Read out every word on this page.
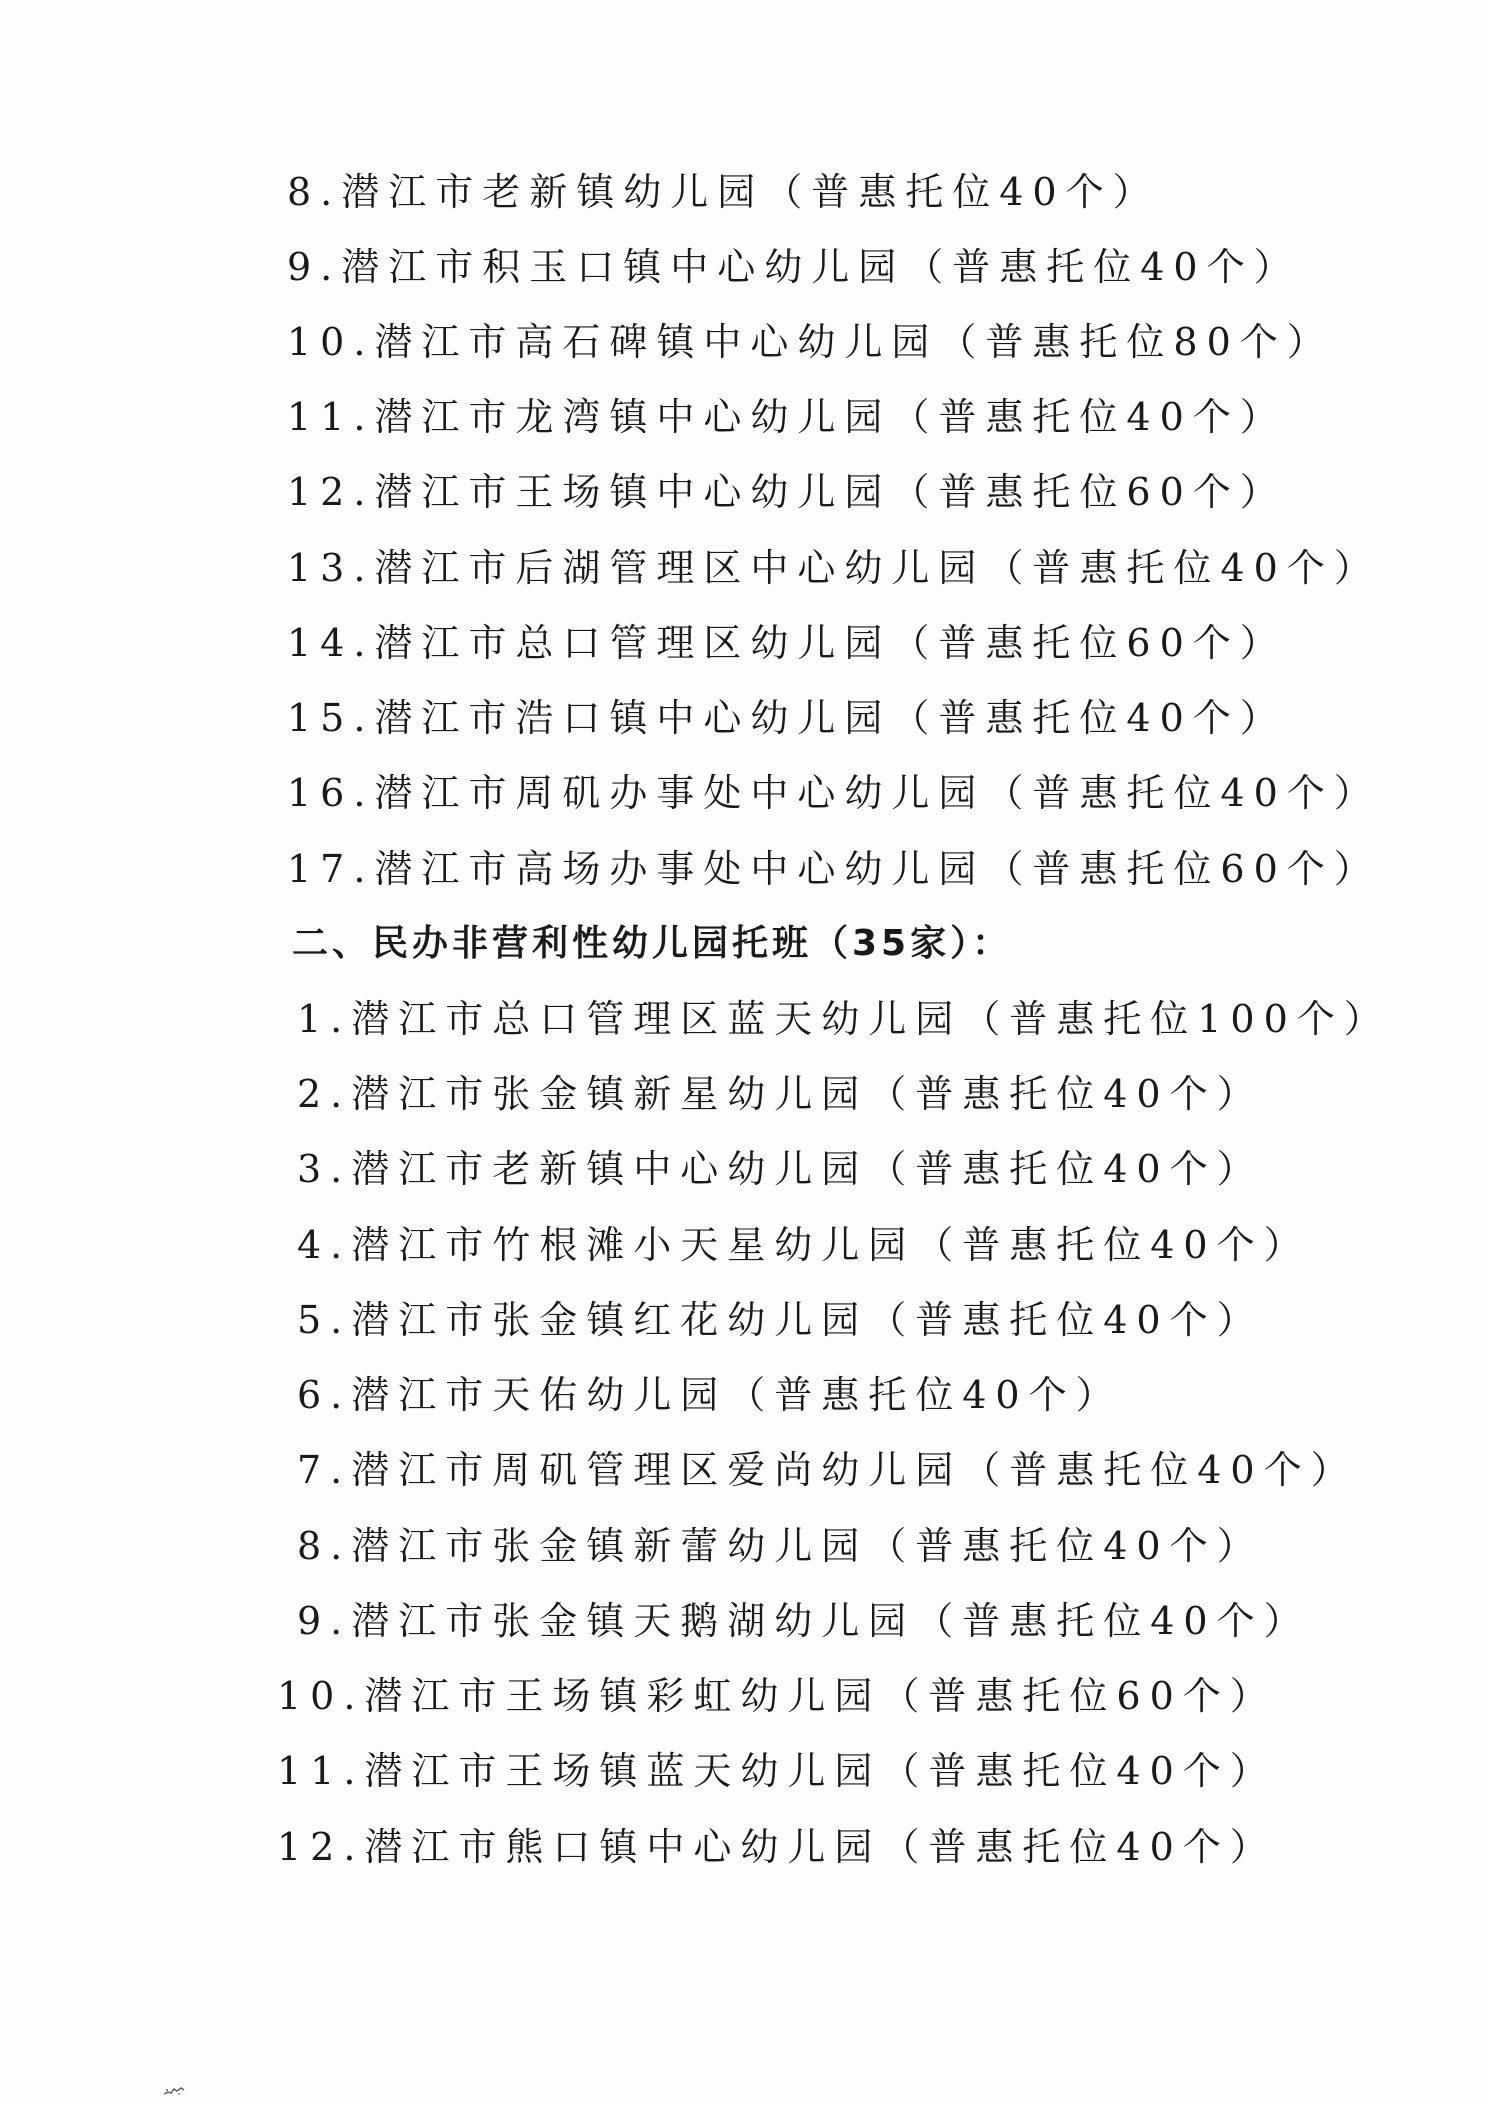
8.潜江市老新镇幼儿园（普惠托位40个）
9.潜江市积玉口镇中心幼儿园（普惠托位40个）
10.潜江市高石碑镇中心幼儿园（普惠托位80个）
11.潜江市龙湾镇中心幼儿园（普惠托位40个）
12.潜江市王场镇中心幼儿园（普惠托位60个）
13.潜江市后湖管理区中心幼儿园（普惠托位40个）
14.潜江市总口管理区幼儿园（普惠托位60个）
15.潜江市浩口镇中心幼儿园（普惠托位40个）
16.潜江市周矶办事处中心幼儿园（普惠托位40个）
17.潜江市高场办事处中心幼儿园（普惠托位60个）
二、民办非营利性幼儿园托班（35家）：
1.潜江市总口管理区蓝天幼儿园（普惠托位100个）
2.潜江市张金镇新星幼儿园（普惠托位40个）
3.潜江市老新镇中心幼儿园（普惠托位40个）
4.潜江市竹根滩小天星幼儿园（普惠托位40个）
5.潜江市张金镇红花幼儿园（普惠托位40个）
6.潜江市天佑幼儿园（普惠托位40个）
7.潜江市周矶管理区爱尚幼儿园（普惠托位40个）
8.潜江市张金镇新蕾幼儿园（普惠托位40个）
9.潜江市张金镇天鹅湖幼儿园（普惠托位40个）
10.潜江市王场镇彩虹幼儿园（普惠托位60个）
11.潜江市王场镇蓝天幼儿园（普惠托位40个）
12.潜江市熊口镇中心幼儿园（普惠托位40个）
